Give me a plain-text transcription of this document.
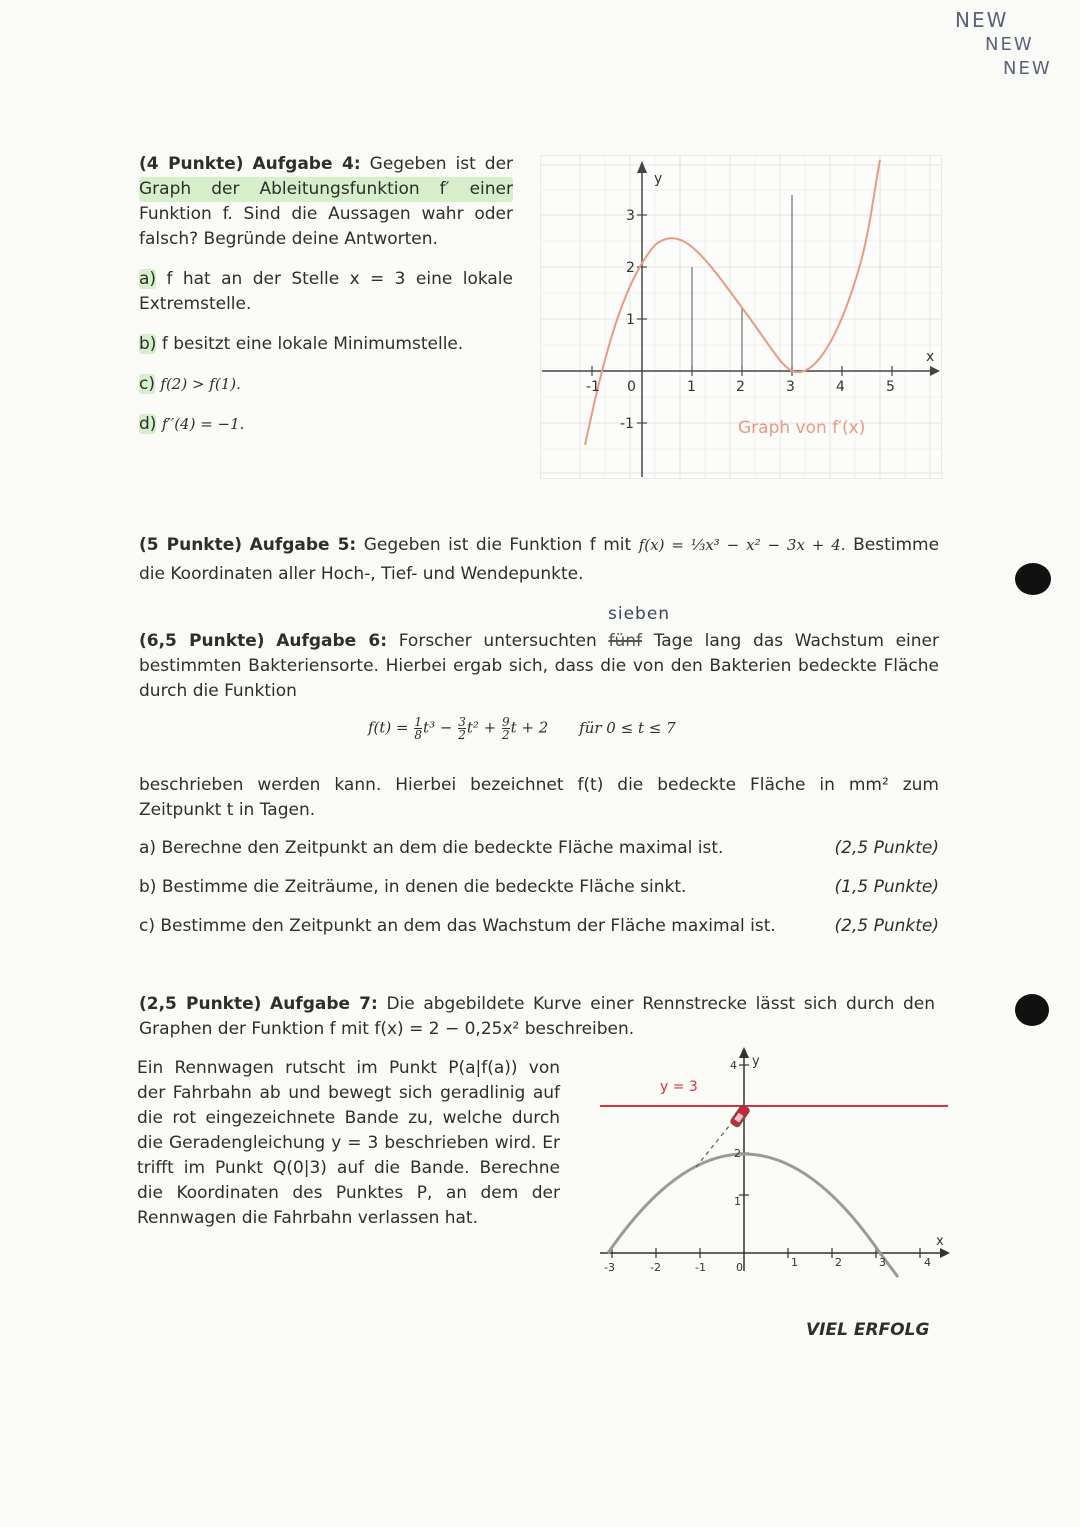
NEW
NEW
NEW
(4 Punkte) Aufgabe 4: Gegeben ist der
Graph der Ableitungsfunktion f′ einer
Funktion f. Sind die Aussagen wahr oder
falsch? Begründe deine Antworten.
a) f hat an der Stelle x = 3 eine lokale
Extremstelle.
b) f besitzt eine lokale Minimumstelle.
c) f(2) > f(1).
d) f′′(4) = −1.
y
x
-1 0	1	2	3	4	5
3
2
1
-1	Graph von f′(x)
(5 Punkte) Aufgabe 5: Gegeben ist die Funktion f mit f(x) = ⅓x³ − x² − 3x + 4. Bestimme
die Koordinaten aller Hoch-, Tief- und Wendepunkte.
sieben
(6,5 Punkte) Aufgabe 6: Forscher untersuchten fünf Tage lang das Wachstum einer
bestimmten Bakteriensorte. Hierbei ergab sich, dass die von den Bakterien bedeckte Fläche
durch die Funktion
$f(t) = \frac{1}{8} t^3 - \frac{3}{2} t^2 + \frac{9}{2}$ t + 2 für 0 ≤ t ≤ 7
beschrieben werden kann. Hierbei bezeichnet f(t) die bedeckte Fläche in mm² zum
Zeitpunkt t in Tagen.
a) Berechne den Zeitpunkt an dem die bedeckte Fläche maximal ist.	(2,5 Punkte)
b) Bestimme die Zeiträume, in denen die bedeckte Fläche sinkt.	(1,5 Punkte)
c) Bestimme den Zeitpunkt an dem das Wachstum der Fläche maximal ist.	(2,5 Punkte)
(2,5 Punkte) Aufgabe 7: Die abgebildete Kurve einer Rennstrecke lässt sich durch den
Graphen der Funktion f mit f(x) = 2 − 0,25x² beschreiben.
Ein Rennwagen rutscht im Punkt P(a|f(a)) von
der Fahrbahn ab und bewegt sich geradlinig auf
die rot eingezeichnete Bande zu, welche durch
die Geradengleichung y = 3 beschrieben wird. Er
trifft im Punkt Q(0|3) auf die Bande. Berechne
die Koordinaten des Punktes P, an dem der
Rennwagen die Fahrbahn verlassen hat.
y = 3
y
x
-3	-2	-1	0	1	2	3	4
4
2
1
VIEL ERFOLG
